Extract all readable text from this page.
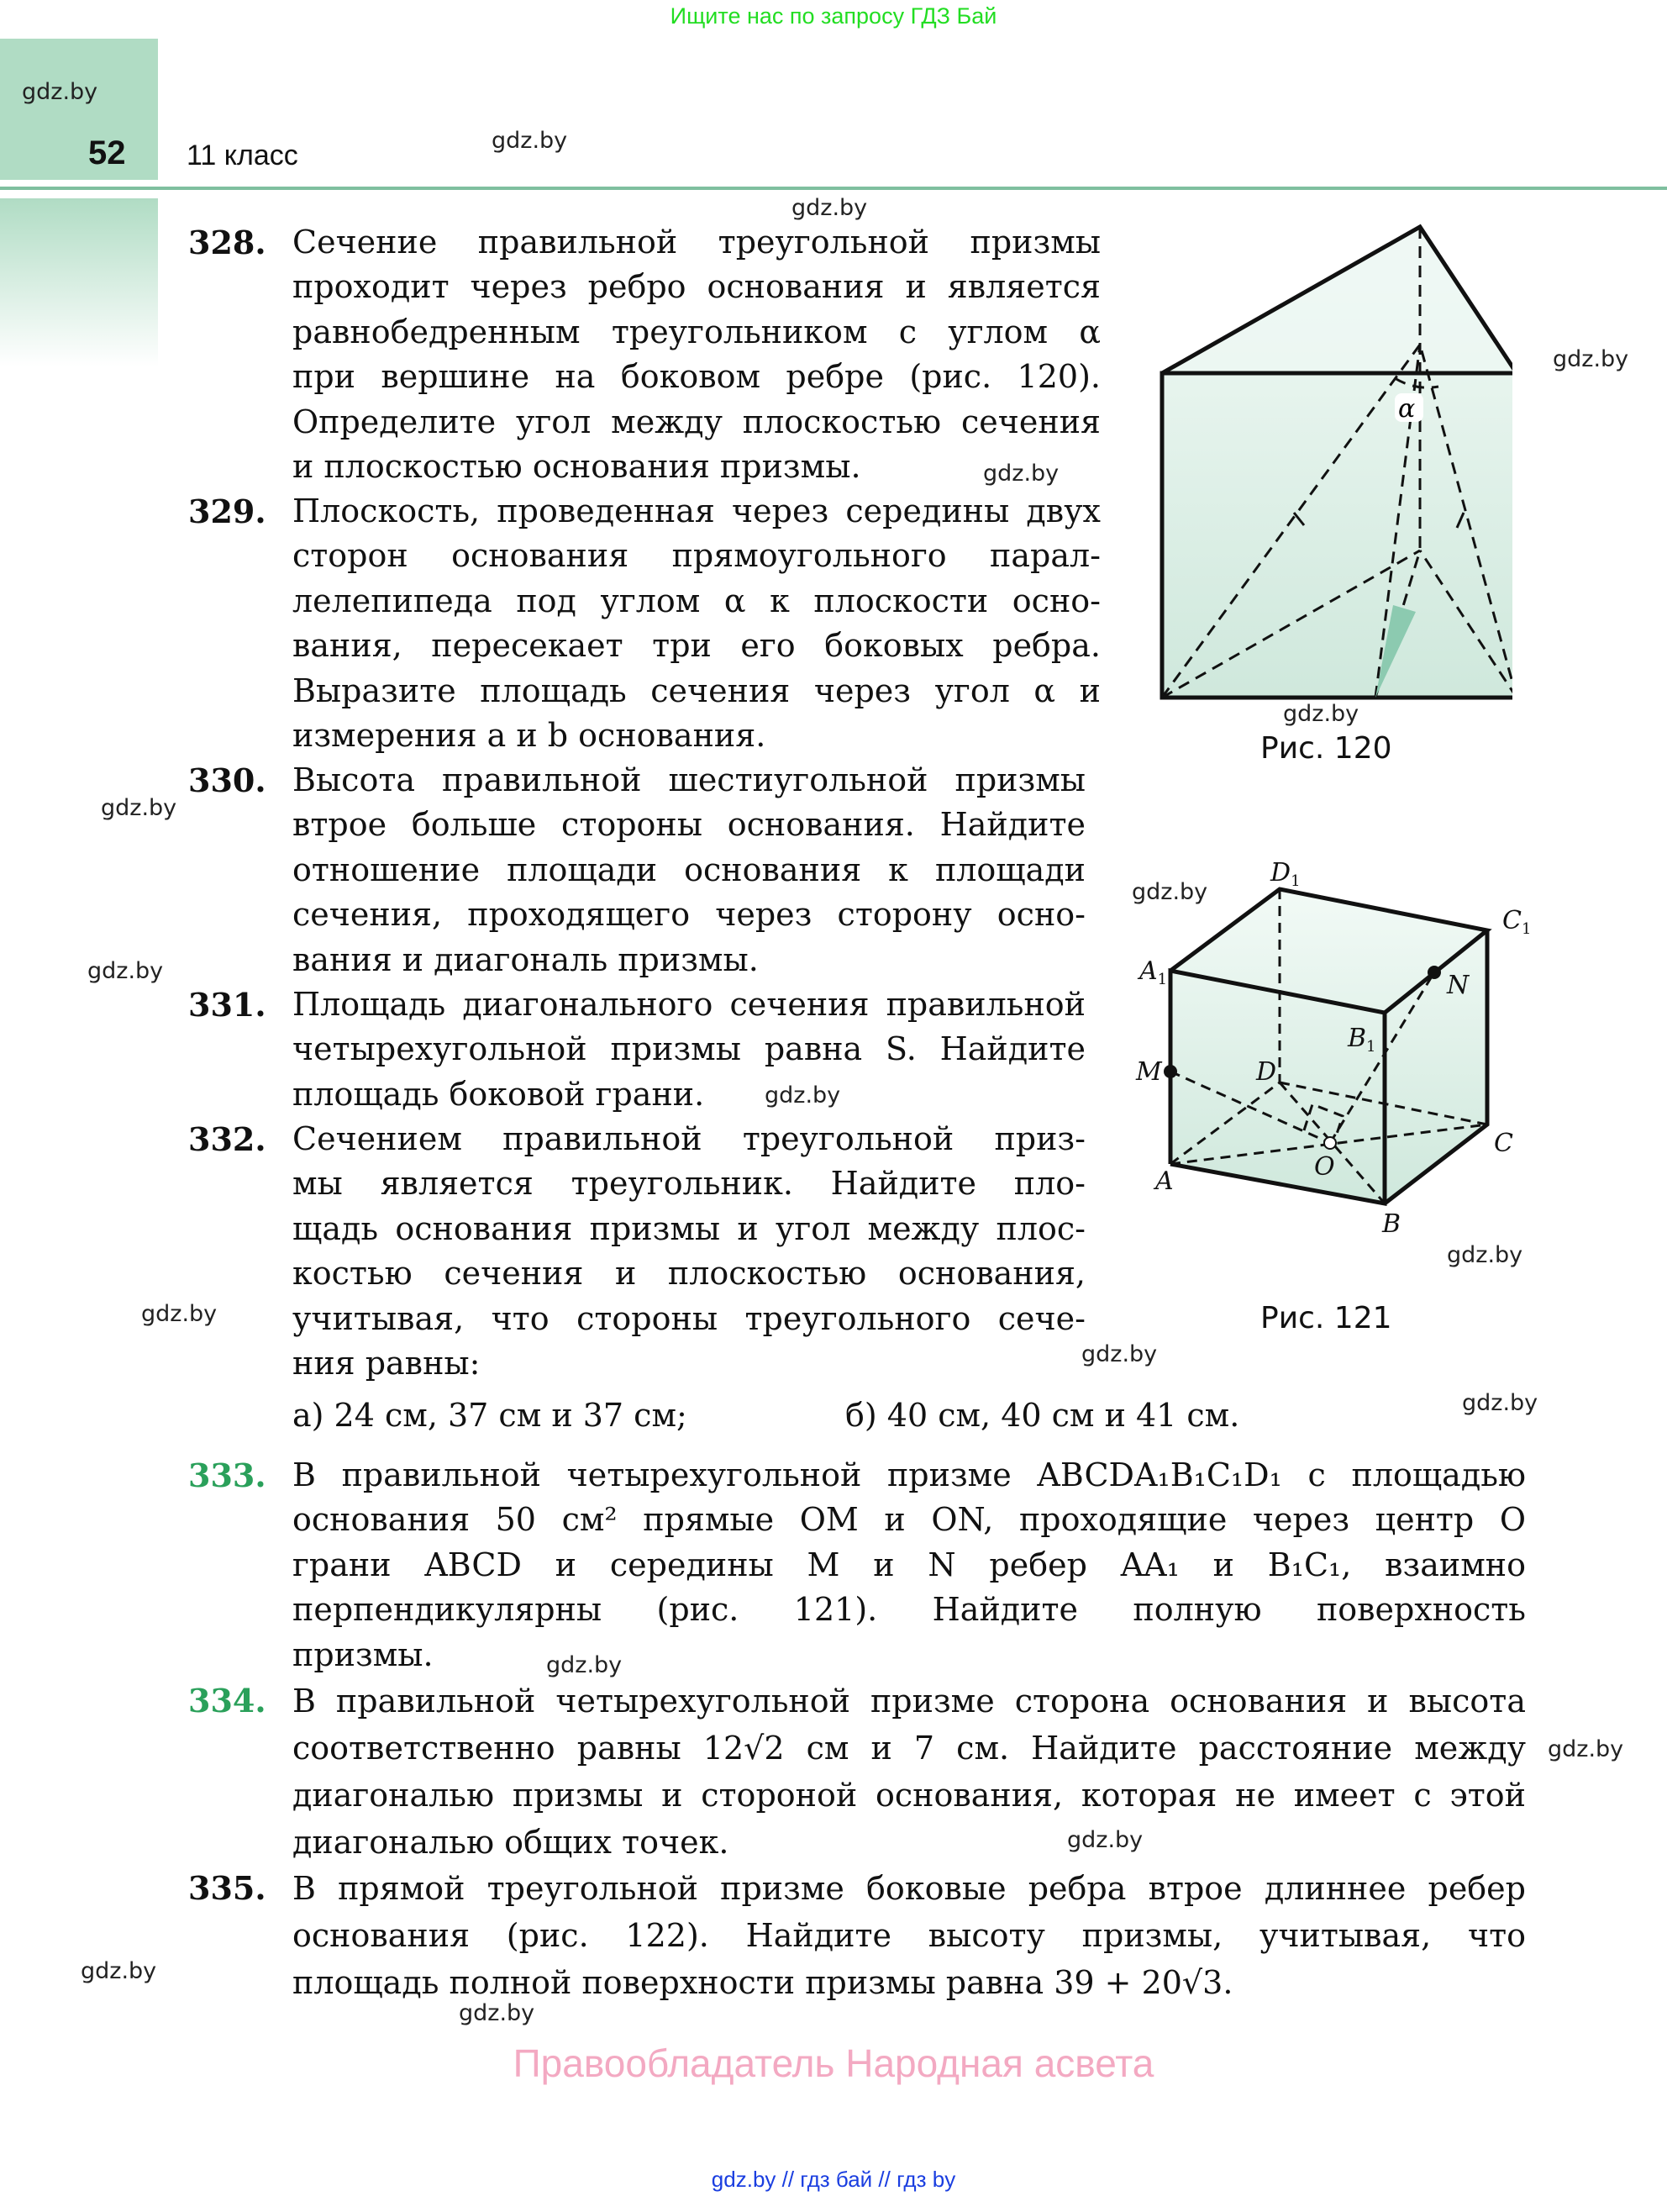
Ищите нас по запросу ГДЗ Бай
52 11 класс
gdz.by
gdz.by
gdz.by
gdz.by
gdz.by
gdz.by
gdz.by
gdz.by
gdz.by
gdz.by
gdz.by
gdz.by
gdz.by
gdz.by
gdz.by
gdz.by
gdz.by
gdz.by
gdz.by
328. Сечение правильной треугольной призмы
проходит через ребро основания и является
равнобедренным треугольником с углом α
при вершине на боковом ребре (рис. 120).
Определите угол между плоскостью сечения
и плоскостью основания призмы.
329. Плоскость, проведенная через середины двух
сторон основания прямоугольного парал-
лелепипеда под углом α к плоскости осно-
вания, пересекает три его боковых ребра.
Выразите площадь сечения через угол α и
измерения a и b основания.
330. Высота правильной шестиугольной призмы
втрое больше стороны основания. Найдите
отношение площади основания к площади
сечения, проходящего через сторону осно-
вания и диагональ призмы.
331. Площадь диагонального сечения правильной
четырехугольной призмы равна S. Найдите
площадь боковой грани.
332. Сечением правильной треугольной приз-
мы является треугольник. Найдите пло-
щадь основания призмы и угол между плос-
костью сечения и плоскостью основания,
учитывая, что стороны треугольного сече-
ния равны:
а) 24 см, 37 см и 37 см;	б) 40 см, 40 см и 41 см.
333. В правильной четырехугольной призме ABCDA₁B₁C₁D₁ с площадью
основания 50 см² прямые OM и ON, проходящие через центр O
грани ABCD и середины M и N ребер AA₁ и B₁C₁, взаимно
перпендикулярны (рис. 121). Найдите полную поверхность
призмы.
334. В правильной четырехугольной призме сторона основания и высота
соответственно равны 12√2 см и 7 см. Найдите расстояние между
диагональю призмы и стороной основания, которая не имеет с этой
диагональю общих точек.
335. В прямой треугольной призме боковые ребра втрое длиннее ребер
основания (рис. 122). Найдите высоту призмы, учитывая, что
площадь полной поверхности призмы равна 39 + 20√3.
α
Рис. 120
$D_1$
$C_1$
$A_1$
$B_1$
N
M	D
C
O
A
B
Рис. 121
Правообладатель Народная асвета
gdz.by // гдз бай // гдз by
